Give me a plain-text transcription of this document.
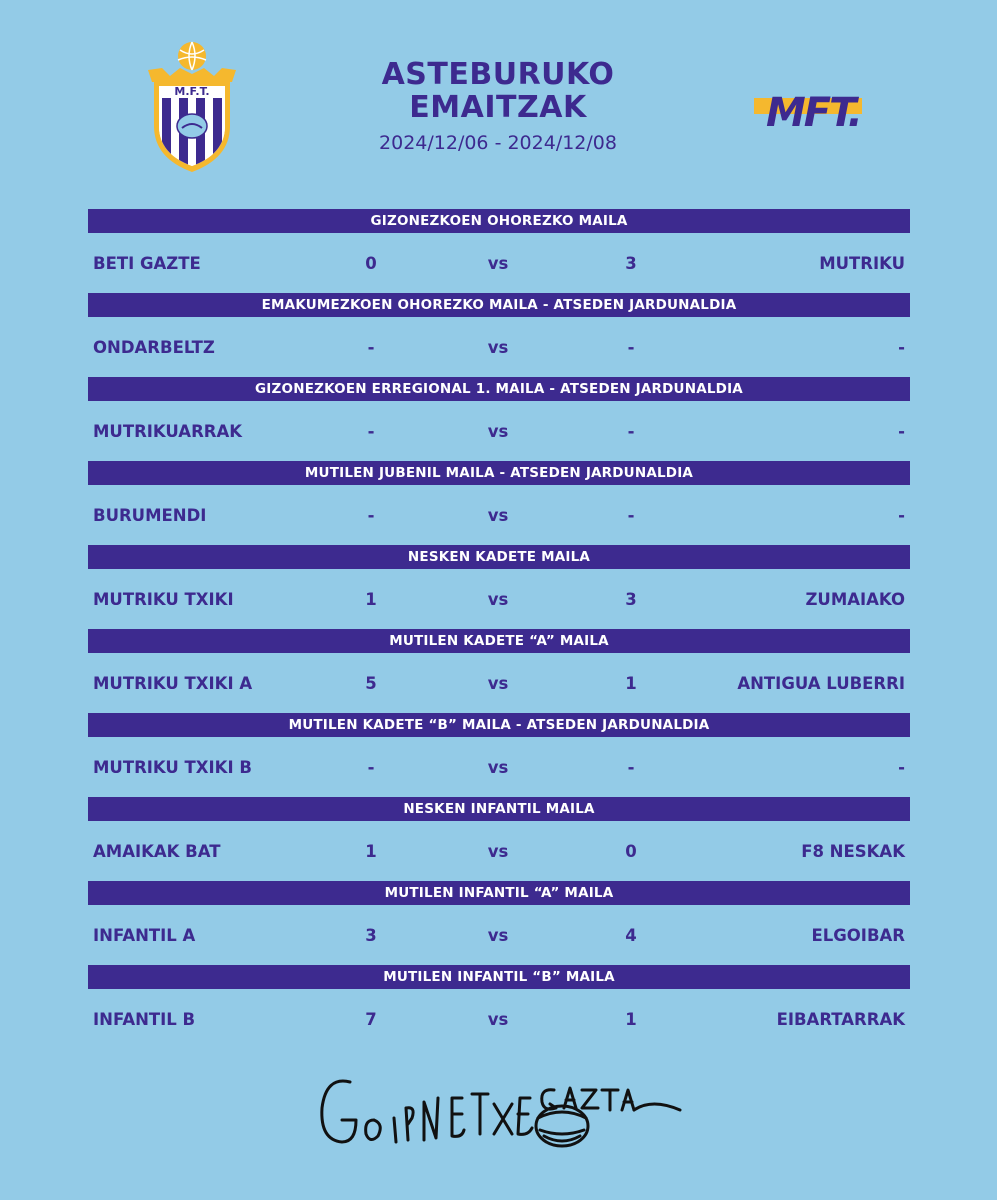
M.F.T.	ASTEBURUKO
EMAITZAK
2024/12/06 - 2024/12/08
MFT.
GIZONEZKOEN OHOREZKO MAILA
BETI GAZTE	0	vs	3	MUTRIKU
EMAKUMEZKOEN OHOREZKO MAILA - ATSEDEN JARDUNALDIA
ONDARBELTZ	-	vs	-	-
GIZONEZKOEN ERREGIONAL 1. MAILA - ATSEDEN JARDUNALDIA
MUTRIKUARRAK	-	vs	-	-
MUTILEN JUBENIL MAILA - ATSEDEN JARDUNALDIA
BURUMENDI	-	vs	-	-
NESKEN KADETE MAILA
MUTRIKU TXIKI	1	vs	3	ZUMAIAKO
MUTILEN KADETE “A” MAILA
MUTRIKU TXIKI A	5	vs	1	ANTIGUA LUBERRI
MUTILEN KADETE “B” MAILA - ATSEDEN JARDUNALDIA
MUTRIKU TXIKI B	-	vs	-	-
NESKEN INFANTIL MAILA
AMAIKAK BAT	1	vs	0	F8 NESKAK
MUTILEN INFANTIL “A” MAILA
INFANTIL A	3	vs	4	ELGOIBAR
MUTILEN INFANTIL “B” MAILA
INFANTIL B	7	vs	1	EIBARTARRAK
Goienetxe Gazta
